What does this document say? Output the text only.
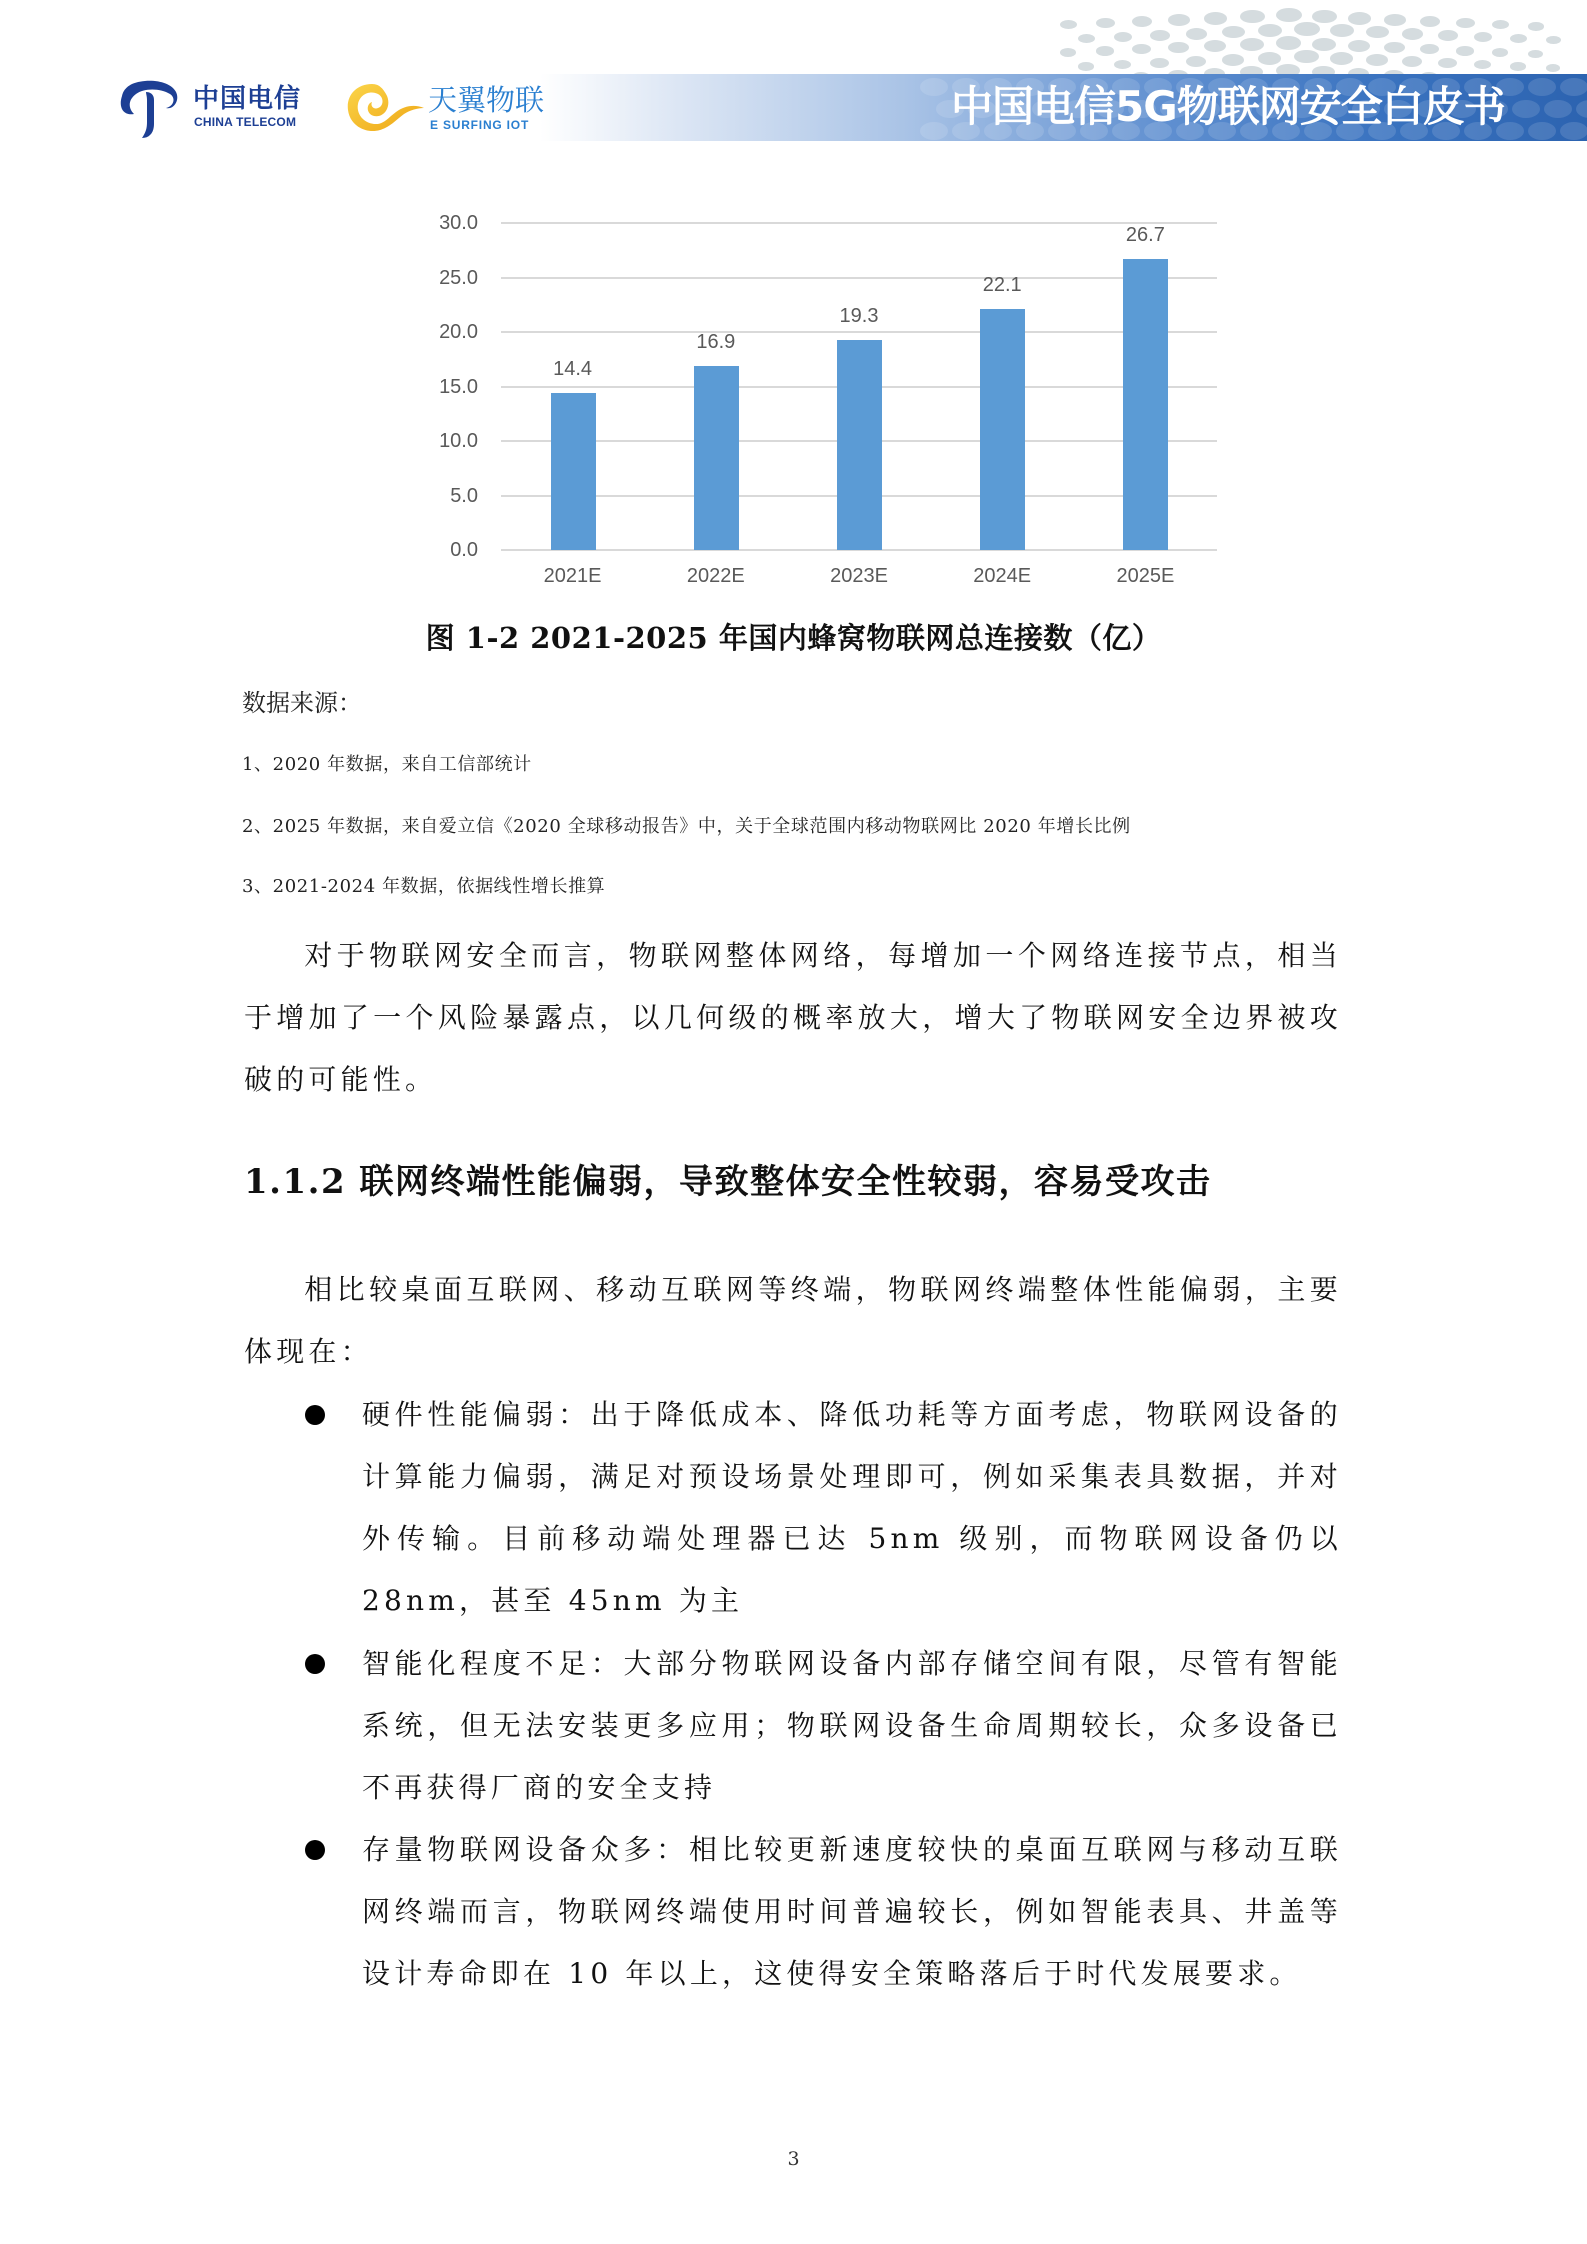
中国电信5G物联网安全白皮书
中国电信
CHINA TELECOM
天翼物联
E SURFING IOT
0.0
5.0
10.0
15.0
20.0
25.0
30.0
14.4
2021E
16.9
2022E
19.3
2023E
22.1
2024E
26.7
2025E
图 1-2 2021-2025 年国内蜂窝物联网总连接数（亿）
数据来源：
1、2020 年数据，来自工信部统计
2、2025 年数据，来自爱立信《2020 全球移动报告》中，关于全球范围内移动物联网比 2020 年增长比例
3、2021-2024 年数据，依据线性增长推算
对于物联网安全而言，物联网整体网络，每增加一个网络连接节点，相当于增加了一个风险暴露点，以几何级的概率放大，增大了物联网安全边界被攻破的可能性。
1.1.2 联网终端性能偏弱，导致整体安全性较弱，容易受攻击
相比较桌面互联网、移动互联网等终端，物联网终端整体性能偏弱，主要体现在：
硬件性能偏弱：出于降低成本、降低功耗等方面考虑，物联网设备的计算能力偏弱，满足对预设场景处理即可，例如采集表具数据，并对外传输。目前移动端处理器已达 5nm 级别，而物联网设备仍以 28nm，甚至 45nm 为主
智能化程度不足：大部分物联网设备内部存储空间有限，尽管有智能系统，但无法安装更多应用；物联网设备生命周期较长，众多设备已不再获得厂商的安全支持
存量物联网设备众多：相比较更新速度较快的桌面互联网与移动互联网终端而言，物联网终端使用时间普遍较长，例如智能表具、井盖等设计寿命即在 10 年以上，这使得安全策略落后于时代发展要求。
3
